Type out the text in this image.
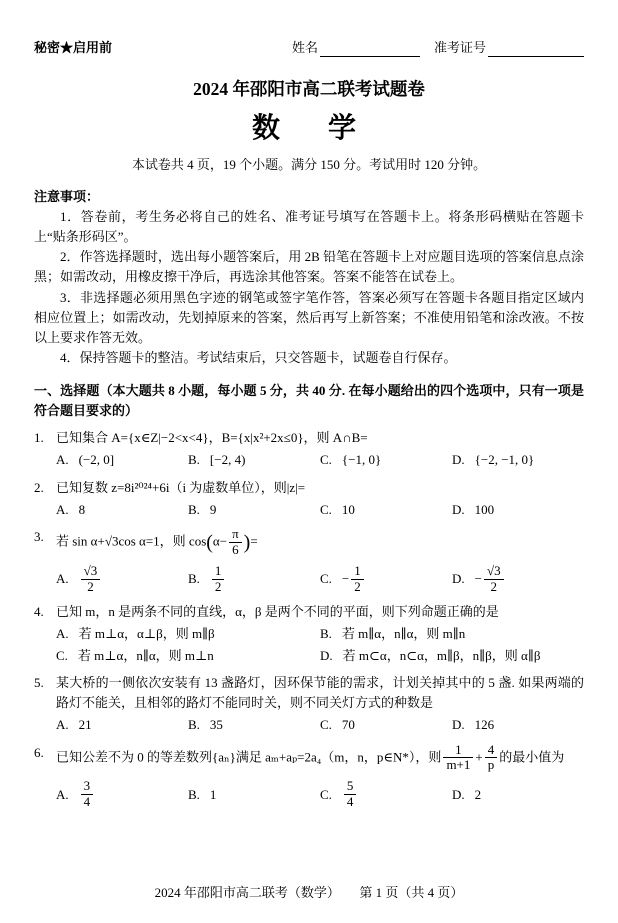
秘密★启用前	姓名	准考证号
2024 年邵阳市高二联考试题卷
数　学
本试卷共 4 页，19 个小题。满分 150 分。考试用时 120 分钟。

注意事项：

1．答卷前，考生务必将自己的姓名、准考证号填写在答题卡上。将条形码横贴在答题卡上“贴条形码区”。

2．作答选择题时，选出每小题答案后，用 2B 铅笔在答题卡上对应题目选项的答案信息点涂黑；如需改动，用橡皮擦干净后，再选涂其他答案。答案不能答在试卷上。

3．非选择题必须用黑色字迹的钢笔或签字笔作答，答案必须写在答题卡各题目指定区域内相应位置上；如需改动，先划掉原来的答案，然后再写上新答案；不准使用铅笔和涂改液。不按以上要求作答无效。

4．保持答题卡的整洁。考试结束后，只交答题卡，试题卷自行保存。

一、选择题（本大题共 8 小题，每小题 5 分，共 40 分. 在每小题给出的四个选项中，只有一项是符合题目要求的）

1. 已知集合 A={x∈Z|−2<x<4}，B={x|x²+2x≤0}，则 A∩B=
A. (−2, 0]	B. [−2, 4)	C. {−1, 0}	D. {−2, −1, 0}
2. 已知复数 z=8i²⁰²⁴+6i（i 为虚数单位），则|z|=
A. 8	B. 9	C. 10	D. 100
3. 若 sin α+√3cos α=1，则 $\cos(\alpha- \frac{\pi}{6}$ )=
A. $\frac{√3}{2}$	B. $\frac{1}{2}$	C. − $\frac{1}{2}$	D. − $\frac{√3}{2}$
4. 已知 m，n 是两条不同的直线，α，β 是两个不同的平面，则下列命题正确的是
A. 若 m⊥α，α⊥β，则 m∥β	B. 若 m∥α，n∥α，则 m∥n
C. 若 m⊥α，n∥α，则 m⊥n	D. 若 m⊂α，n⊂α，m∥β，n∥β，则 α∥β
5. 某大桥的一侧依次安装有 13 盏路灯，因环保节能的需求，计划关掉其中的 5 盏. 如果两端的路灯不能关，且相邻的路灯不能同时关，则不同关灯方式的种数是
A. 21	B. 35	C. 70	D. 126
6. 已知公差不为 0 的等差数列{aₙ}满足 aₘ+aₚ=2a₄（m，n，p∈N*），则 $\frac{1}{m+1} + \frac{4}{p}$ 的最小值为
A. $\frac{3}{4}$	B. 1	C. $\frac{5}{4}$	D. 2
2024 年邵阳市高二联考（数学）　　第 1 页（共 4 页）
